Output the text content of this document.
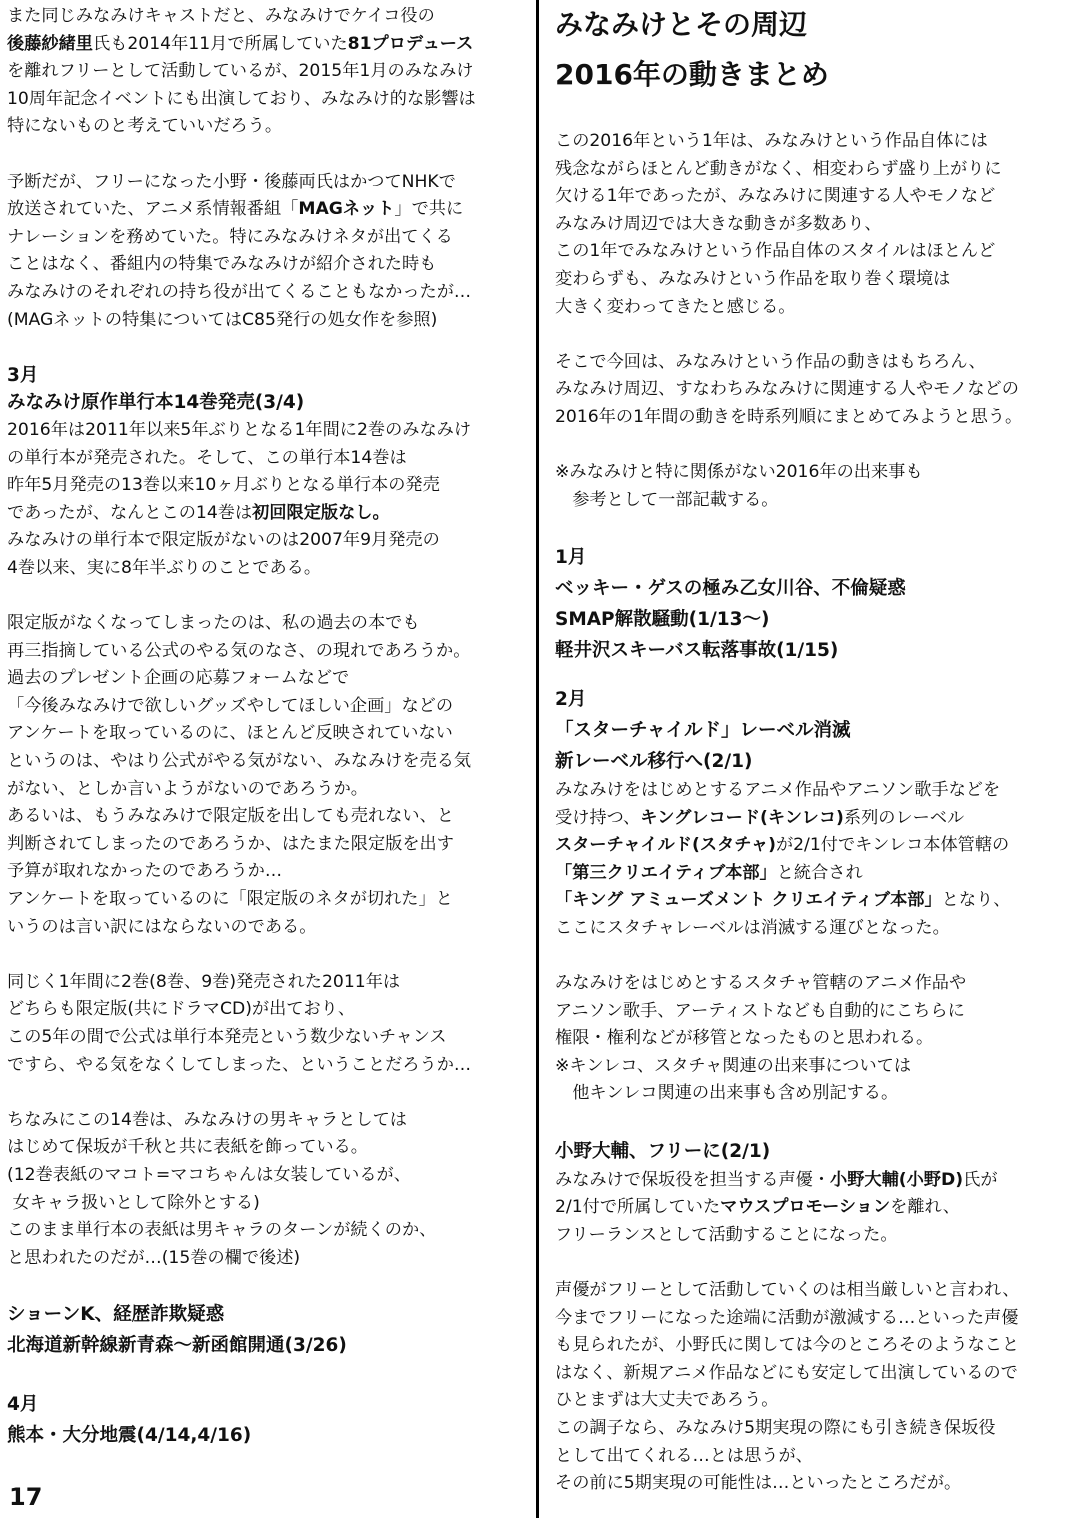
また同じみなみけキャストだと、みなみけでケイコ役の
後藤紗緒里氏も2014年11月で所属していた81プロデュース
を離れフリーとして活動しているが、2015年1月のみなみけ
10周年記念イベントにも出演しており、みなみけ的な影響は
特にないものと考えていいだろう。
予断だが、フリーになった小野・後藤両氏はかつてNHKで
放送されていた、アニメ系情報番組「MAGネット」で共に
ナレーションを務めていた。特にみなみけネタが出てくる
ことはなく、番組内の特集でみなみけが紹介された時も
みなみけのそれぞれの持ち役が出てくることもなかったが…
(MAGネットの特集についてはC85発行の処女作を参照)
3月
みなみけ原作単行本14巻発売(3/4)
2016年は2011年以来5年ぶりとなる1年間に2巻のみなみけ
の単行本が発売された。そして、この単行本14巻は
昨年5月発売の13巻以来10ヶ月ぶりとなる単行本の発売
であったが、なんとこの14巻は初回限定版なし。
みなみけの単行本で限定版がないのは2007年9月発売の
4巻以来、実に8年半ぶりのことである。
限定版がなくなってしまったのは、私の過去の本でも
再三指摘している公式のやる気のなさ、の現れであろうか。
過去のプレゼント企画の応募フォームなどで
「今後みなみけで欲しいグッズやしてほしい企画」などの
アンケートを取っているのに、ほとんど反映されていない
というのは、やはり公式がやる気がない、みなみけを売る気
がない、としか言いようがないのであろうか。
あるいは、もうみなみけで限定版を出しても売れない、と
判断されてしまったのであろうか、はたまた限定版を出す
予算が取れなかったのであろうか…
アンケートを取っているのに「限定版のネタが切れた」と
いうのは言い訳にはならないのである。
同じく1年間に2巻(8巻、9巻)発売された2011年は
どちらも限定版(共にドラマCD)が出ており、
この5年の間で公式は単行本発売という数少ないチャンス
ですら、やる気をなくしてしまった、ということだろうか…
ちなみにこの14巻は、みなみけの男キャラとしては
はじめて保坂が千秋と共に表紙を飾っている。
(12巻表紙のマコト=マコちゃんは女装しているが、
女キャラ扱いとして除外とする)
このまま単行本の表紙は男キャラのターンが続くのか、
と思われたのだが…(15巻の欄で後述)
ショーンK、経歴詐欺疑惑
北海道新幹線新青森～新函館開通(3/26)
4月
熊本・大分地震(4/14,4/16)
17
みなみけとその周辺
2016年の動きまとめ
この2016年という1年は、みなみけという作品自体には
残念ながらほとんど動きがなく、相変わらず盛り上がりに
欠ける1年であったが、みなみけに関連する人やモノなど
みなみけ周辺では大きな動きが多数あり、
この1年でみなみけという作品自体のスタイルはほとんど
変わらずも、みなみけという作品を取り巻く環境は
大きく変わってきたと感じる。
そこで今回は、みなみけという作品の動きはもちろん、
みなみけ周辺、すなわちみなみけに関連する人やモノなどの
2016年の1年間の動きを時系列順にまとめてみようと思う。
※みなみけと特に関係がない2016年の出来事も
　参考として一部記載する。
1月
ベッキー・ゲスの極み乙女川谷、不倫疑惑
SMAP解散騒動(1/13～)
軽井沢スキーバス転落事故(1/15)
2月
「スターチャイルド」レーベル消滅
新レーベル移行へ(2/1)
みなみけをはじめとするアニメ作品やアニソン歌手などを
受け持つ、キングレコード(キンレコ)系列のレーベル
スターチャイルド(スタチャ)が2/1付でキンレコ本体管轄の
「第三クリエイティブ本部」と統合され
「キング アミューズメント クリエイティブ本部」となり、
ここにスタチャレーベルは消滅する運びとなった。
みなみけをはじめとするスタチャ管轄のアニメ作品や
アニソン歌手、アーティストなども自動的にこちらに
権限・権利などが移管となったものと思われる。
※キンレコ、スタチャ関連の出来事については
　他キンレコ関連の出来事も含め別記する。
小野大輔、フリーに(2/1)
みなみけで保坂役を担当する声優・小野大輔(小野D)氏が
2/1付で所属していたマウスプロモーションを離れ、
フリーランスとして活動することになった。
声優がフリーとして活動していくのは相当厳しいと言われ、
今までフリーになった途端に活動が激減する…といった声優
も見られたが、小野氏に関しては今のところそのようなこと
はなく、新規アニメ作品などにも安定して出演しているので
ひとまずは大丈夫であろう。
この調子なら、みなみけ5期実現の際にも引き続き保坂役
として出てくれる…とは思うが、
その前に5期実現の可能性は…といったところだが。
